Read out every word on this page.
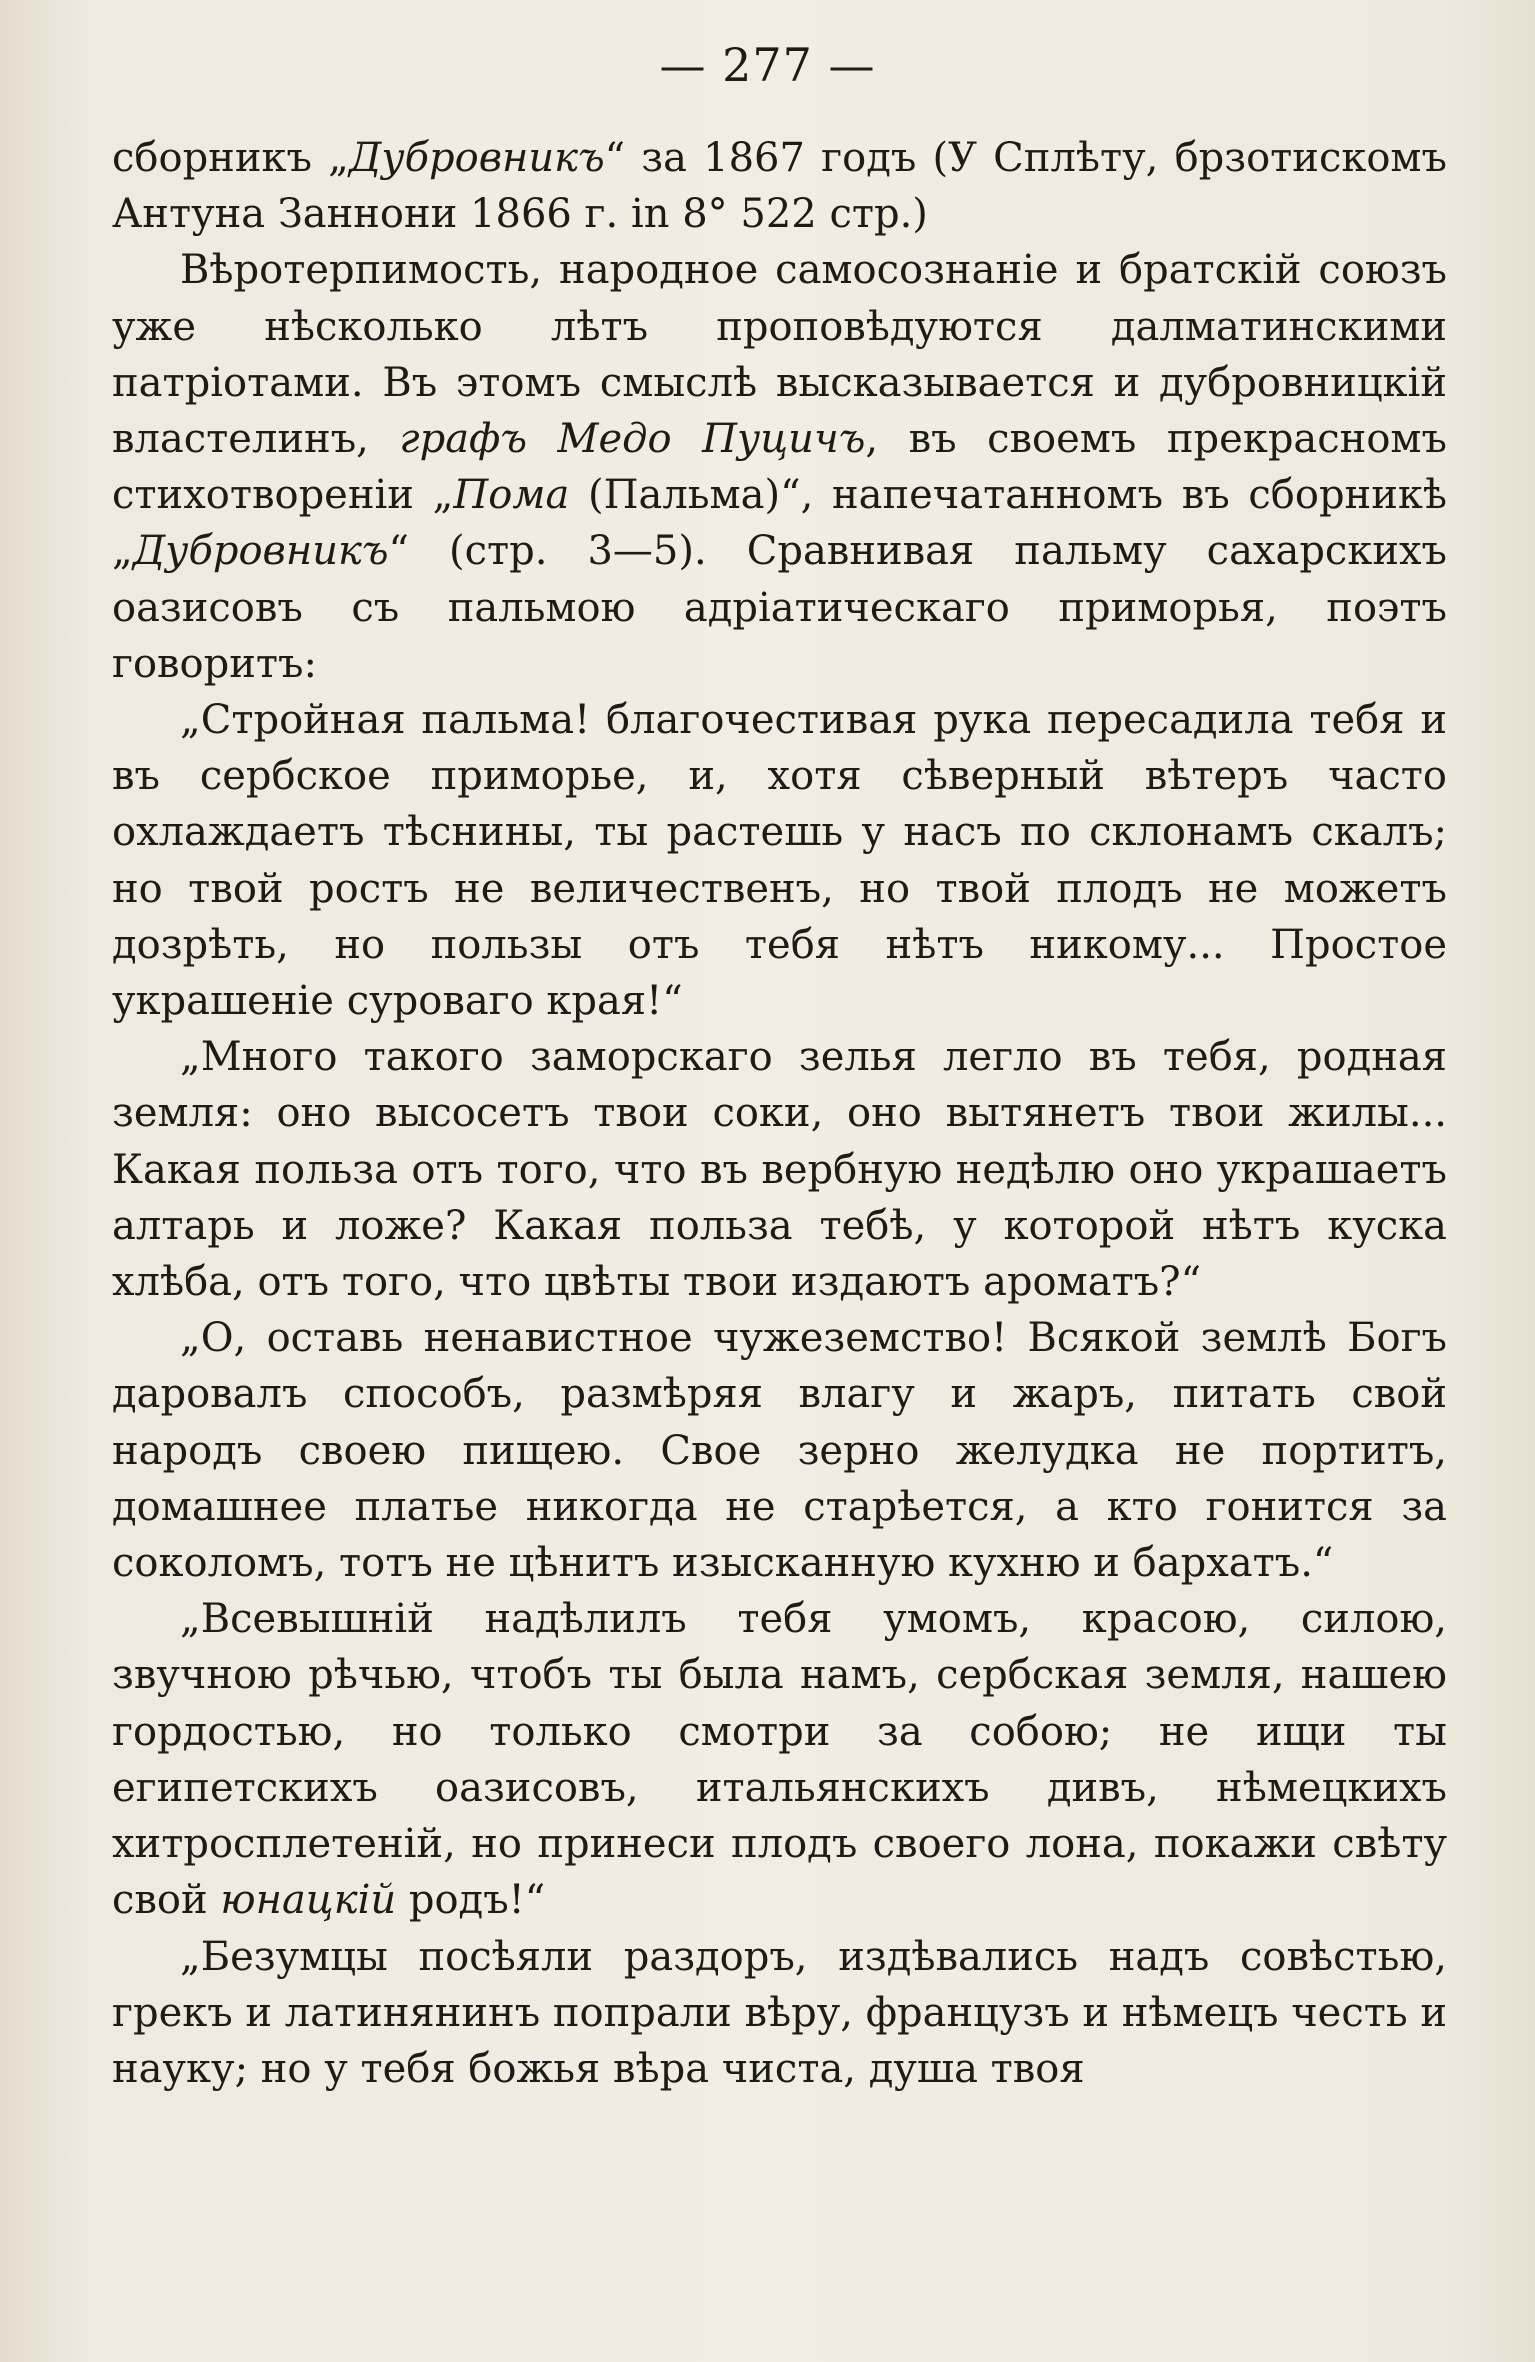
— 277 —

сборникъ „Дубровникъ“ за 1867 годъ (У Сплѣту, брзотискомъ Антуна Заннони 1866 г. in 8° 522 стр.)

Вѣротерпимость, народное самосознаніе и братскій союзъ уже нѣсколько лѣтъ проповѣдуются далматинскими патріотами. Въ этомъ смыслѣ высказывается и дубровницкій властелинъ, графъ Медо Пуцичъ, въ своемъ прекрасномъ стихотвореніи „Пома (Пальма)“, напечатанномъ въ сборникѣ „Дубровникъ“ (стр. 3—5). Сравнивая пальму сахарскихъ оазисовъ съ пальмою адріатическаго приморья, поэтъ говоритъ:

„Стройная пальма! благочестивая рука пересадила тебя и въ сербское приморье, и, хотя сѣверный вѣтеръ часто охлаждаетъ тѣснины, ты растешь у насъ по склонамъ скалъ; но твой ростъ не величественъ, но твой плодъ не можетъ дозрѣть, но пользы отъ тебя нѣтъ никому... Простое украшеніе суроваго края!“

„Много такого заморскаго зелья легло въ тебя, родная земля: оно высосетъ твои соки, оно вытянетъ твои жилы... Какая польза отъ того, что въ вербную недѣлю оно украшаетъ алтарь и ложе? Какая польза тебѣ, у которой нѣтъ куска хлѣба, отъ того, что цвѣты твои издаютъ ароматъ?“

„О, оставь ненавистное чужеземство! Всякой землѣ Богъ даровалъ способъ, размѣряя влагу и жаръ, питать свой народъ своею пищею. Свое зерно желудка не портитъ, домашнее платье никогда не старѣется, а кто гонится за соколомъ, тотъ не цѣнитъ изысканную кухню и бархатъ.“

„Всевышній надѣлилъ тебя умомъ, красою, силою, звучною рѣчью, чтобъ ты была намъ, сербская земля, нашею гордостью, но только смотри за собою; не ищи ты египетскихъ оазисовъ, итальянскихъ дивъ, нѣмецкихъ хитросплетеній, но принеси плодъ своего лона, покажи свѣту свой юнацкій родъ!“

„Безумцы посѣяли раздоръ, издѣвались надъ совѣстью, грекъ и латинянинъ попрали вѣру, французъ и нѣмецъ честь и науку; но у тебя божья вѣра чиста, душа твоя
